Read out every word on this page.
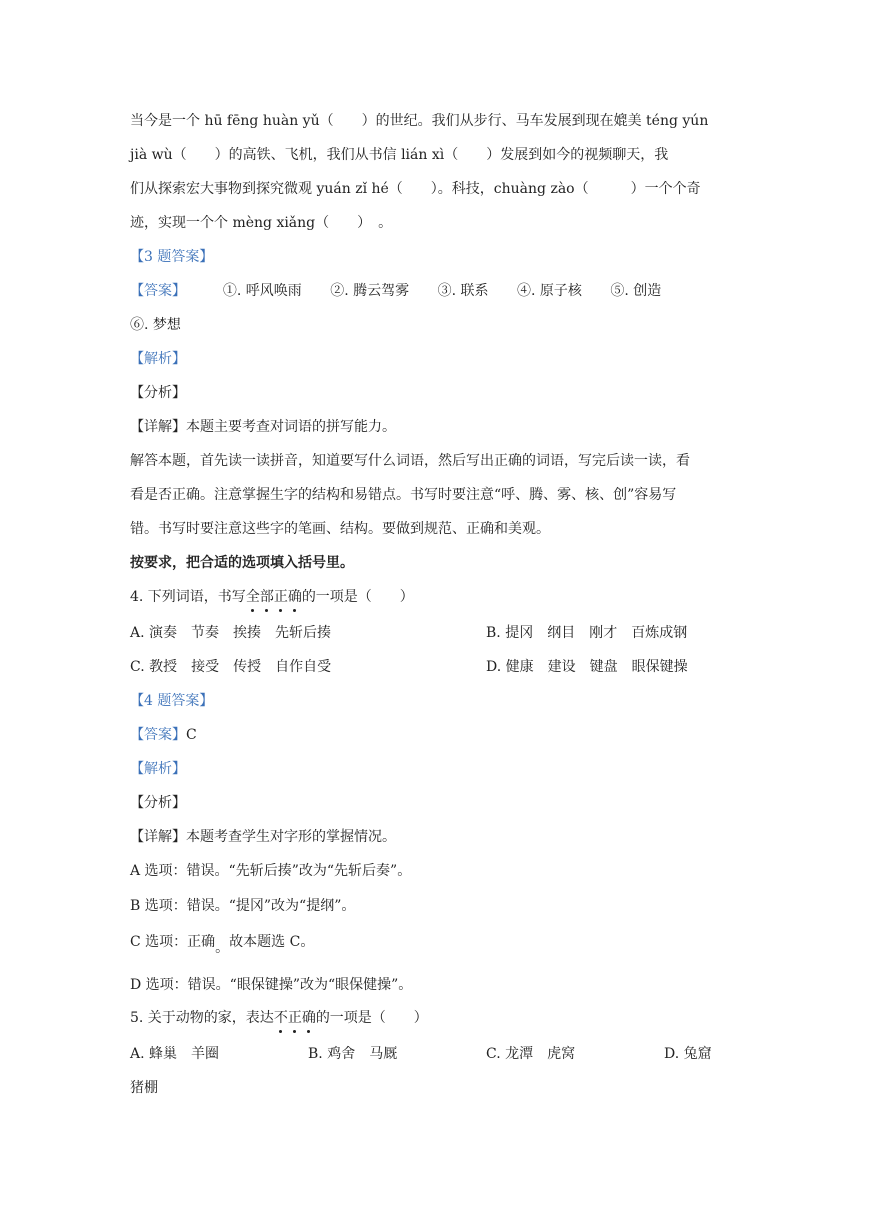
当今是一个 hū fēng huàn yǔ（　　）的世纪。我们从步行、马车发展到现在媲美 téng yún
jià wù（　　）的高铁、飞机，我们从书信 lián xì（　　）发展到如今的视频聊天，我
们从探索宏大事物到探究微观 yuán zǐ hé（　　）。科技，chuàng zào（　　　）一个个奇
迹，实现一个个 mèng xiǎng（　　）　。
【3 题答案】
【答案】	①. 呼风唤雨 ②. 腾云驾雾 ③. 联系 ④. 原子核 ⑤. 创造
⑥. 梦想
【解析】
【分析】
【详解】本题主要考查对词语的拼写能力。
解答本题，首先读一读拼音，知道要写什么词语，然后写出正确的词语，写完后读一读，看
看是否正确。注意掌握生字的结构和易错点。书写时要注意“呼、腾、雾、核、创”容易写
错。书写时要注意这些字的笔画、结构。要做到规范、正确和美观。
按要求，把合适的选项填入括号里。
4. 下列词语，书写全部正确的一项是（　　）
A. 演奏　节奏　挨揍　先斩后揍	B. 提冈　纲目　刚才　百炼成钢
C. 教授　接受　传授　自作自受	D. 健康　建设　键盘　眼保键操
【4 题答案】
【答案】C
【解析】
【分析】
【详解】本题考查学生对字形的掌握情况。
A 选项：错误。“先斩后揍”改为“先斩后奏”。
B 选项：错误。“提冈”改为“提纲”。
C 选项：正确。故本题选 C。
D 选项：错误。“眼保键操”改为“眼保健操”。
5. 关于动物的家，表达不正确的一项是（　　）
A. 蜂巢　羊圈	B. 鸡舍　马厩	C. 龙潭　虎窝	D. 兔窟
猪棚
